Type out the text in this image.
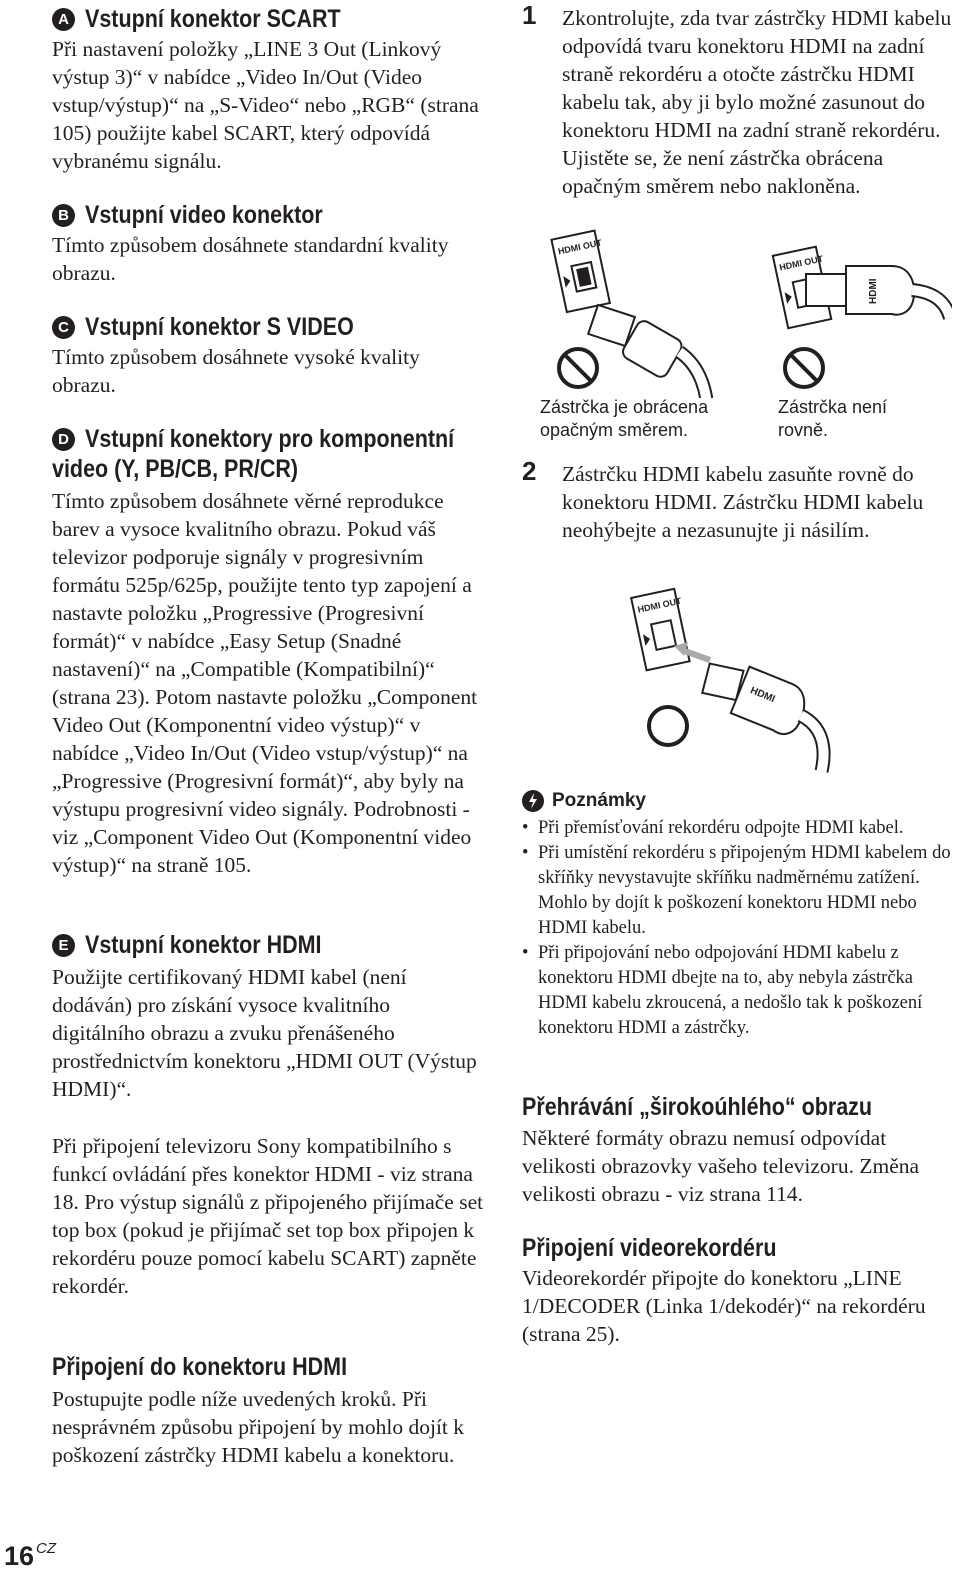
A Vstupní konektor SCART

Při nastavení položky „LINE 3 Out (Linkový výstup 3)“ v nabídce „Video In/Out (Video vstup/výstup)“ na „S-Video“ nebo „RGB“ (strana 105) použijte kabel SCART, který odpovídá vybranému signálu.

B Vstupní video konektor

Tímto způsobem dosáhnete standardní kvality obrazu.

C Vstupní konektor S VIDEO

Tímto způsobem dosáhnete vysoké kvality obrazu.

D Vstupní konektory pro komponentní
video (Y, PB/CB, PR/CR)

Tímto způsobem dosáhnete věrné reprodukce barev a vysoce kvalitního obrazu. Pokud váš televizor podporuje signály v progresivním formátu 525p/625p, použijte tento typ zapojení a nastavte položku „Progressive (Progresivní formát)“ v nabídce „Easy Setup (Snadné nastavení)“ na „Compatible (Kompatibilní)“ (strana 23). Potom nastavte položku „Component Video Out (Komponentní video výstup)“ v nabídce „Video In/Out (Video vstup/výstup)“ na „Progressive (Progresivní formát)“, aby byly na výstupu progresivní video signály. Podrobnosti - viz „Component Video Out (Komponentní video výstup)“ na straně 105.

E Vstupní konektor HDMI

Použijte certifikovaný HDMI kabel (není dodáván) pro získání vysoce kvalitního digitálního obrazu a zvuku přenášeného prostřednictvím konektoru „HDMI OUT (Výstup HDMI)“.

Při připojení televizoru Sony kompatibilního s funkcí ovládání přes konektor HDMI - viz strana 18. Pro výstup signálů z připojeného přijímače set top box (pokud je přijímač set top box připojen k rekordéru pouze pomocí kabelu SCART) zapněte rekordér.

Připojení do konektoru HDMI

Postupujte podle níže uvedených kroků. Při nesprávném způsobu připojení by mohlo dojít k poškození zástrčky HDMI kabelu a konektoru.

1 Zkontrolujte, zda tvar zástrčky HDMI kabelu odpovídá tvaru konektoru HDMI na zadní straně rekordéru a otočte zástrčku HDMI kabelu tak, aby ji bylo možné zasunout do konektoru HDMI na zadní straně rekordéru. Ujistěte se, že není zástrčka obrácena opačným směrem nebo nakloněna.

HDMI OUT
HDMI OUT
HDMI
Zástrčka je obrácena opačným směrem.
Zástrčka není rovně.
2 Zástrčku HDMI kabelu zasuňte rovně do konektoru HDMI. Zástrčku HDMI kabelu neohýbejte a nezasunujte ji násilím.

HDMI OUT
HDMI
Poznámky
• Při přemísťování rekordéru odpojte HDMI kabel.
• Při umístění rekordéru s připojeným HDMI kabelem do skříňky nevystavujte skříňku nadměrnému zatížení. Mohlo by dojít k poškození konektoru HDMI nebo HDMI kabelu.
• Při připojování nebo odpojování HDMI kabelu z konektoru HDMI dbejte na to, aby nebyla zástrčka HDMI kabelu zkroucená, a nedošlo tak k poškození konektoru HDMI a zástrčky.
Přehrávání „širokoúhlého“ obrazu

Některé formáty obrazu nemusí odpovídat velikosti obrazovky vašeho televizoru. Změna velikosti obrazu - viz strana 114.

Připojení videorekordéru

Videorekordér připojte do konektoru „LINE 1/DECODER (Linka 1/dekodér)“ na rekordéru (strana 25).

16 $^{CZ}$
